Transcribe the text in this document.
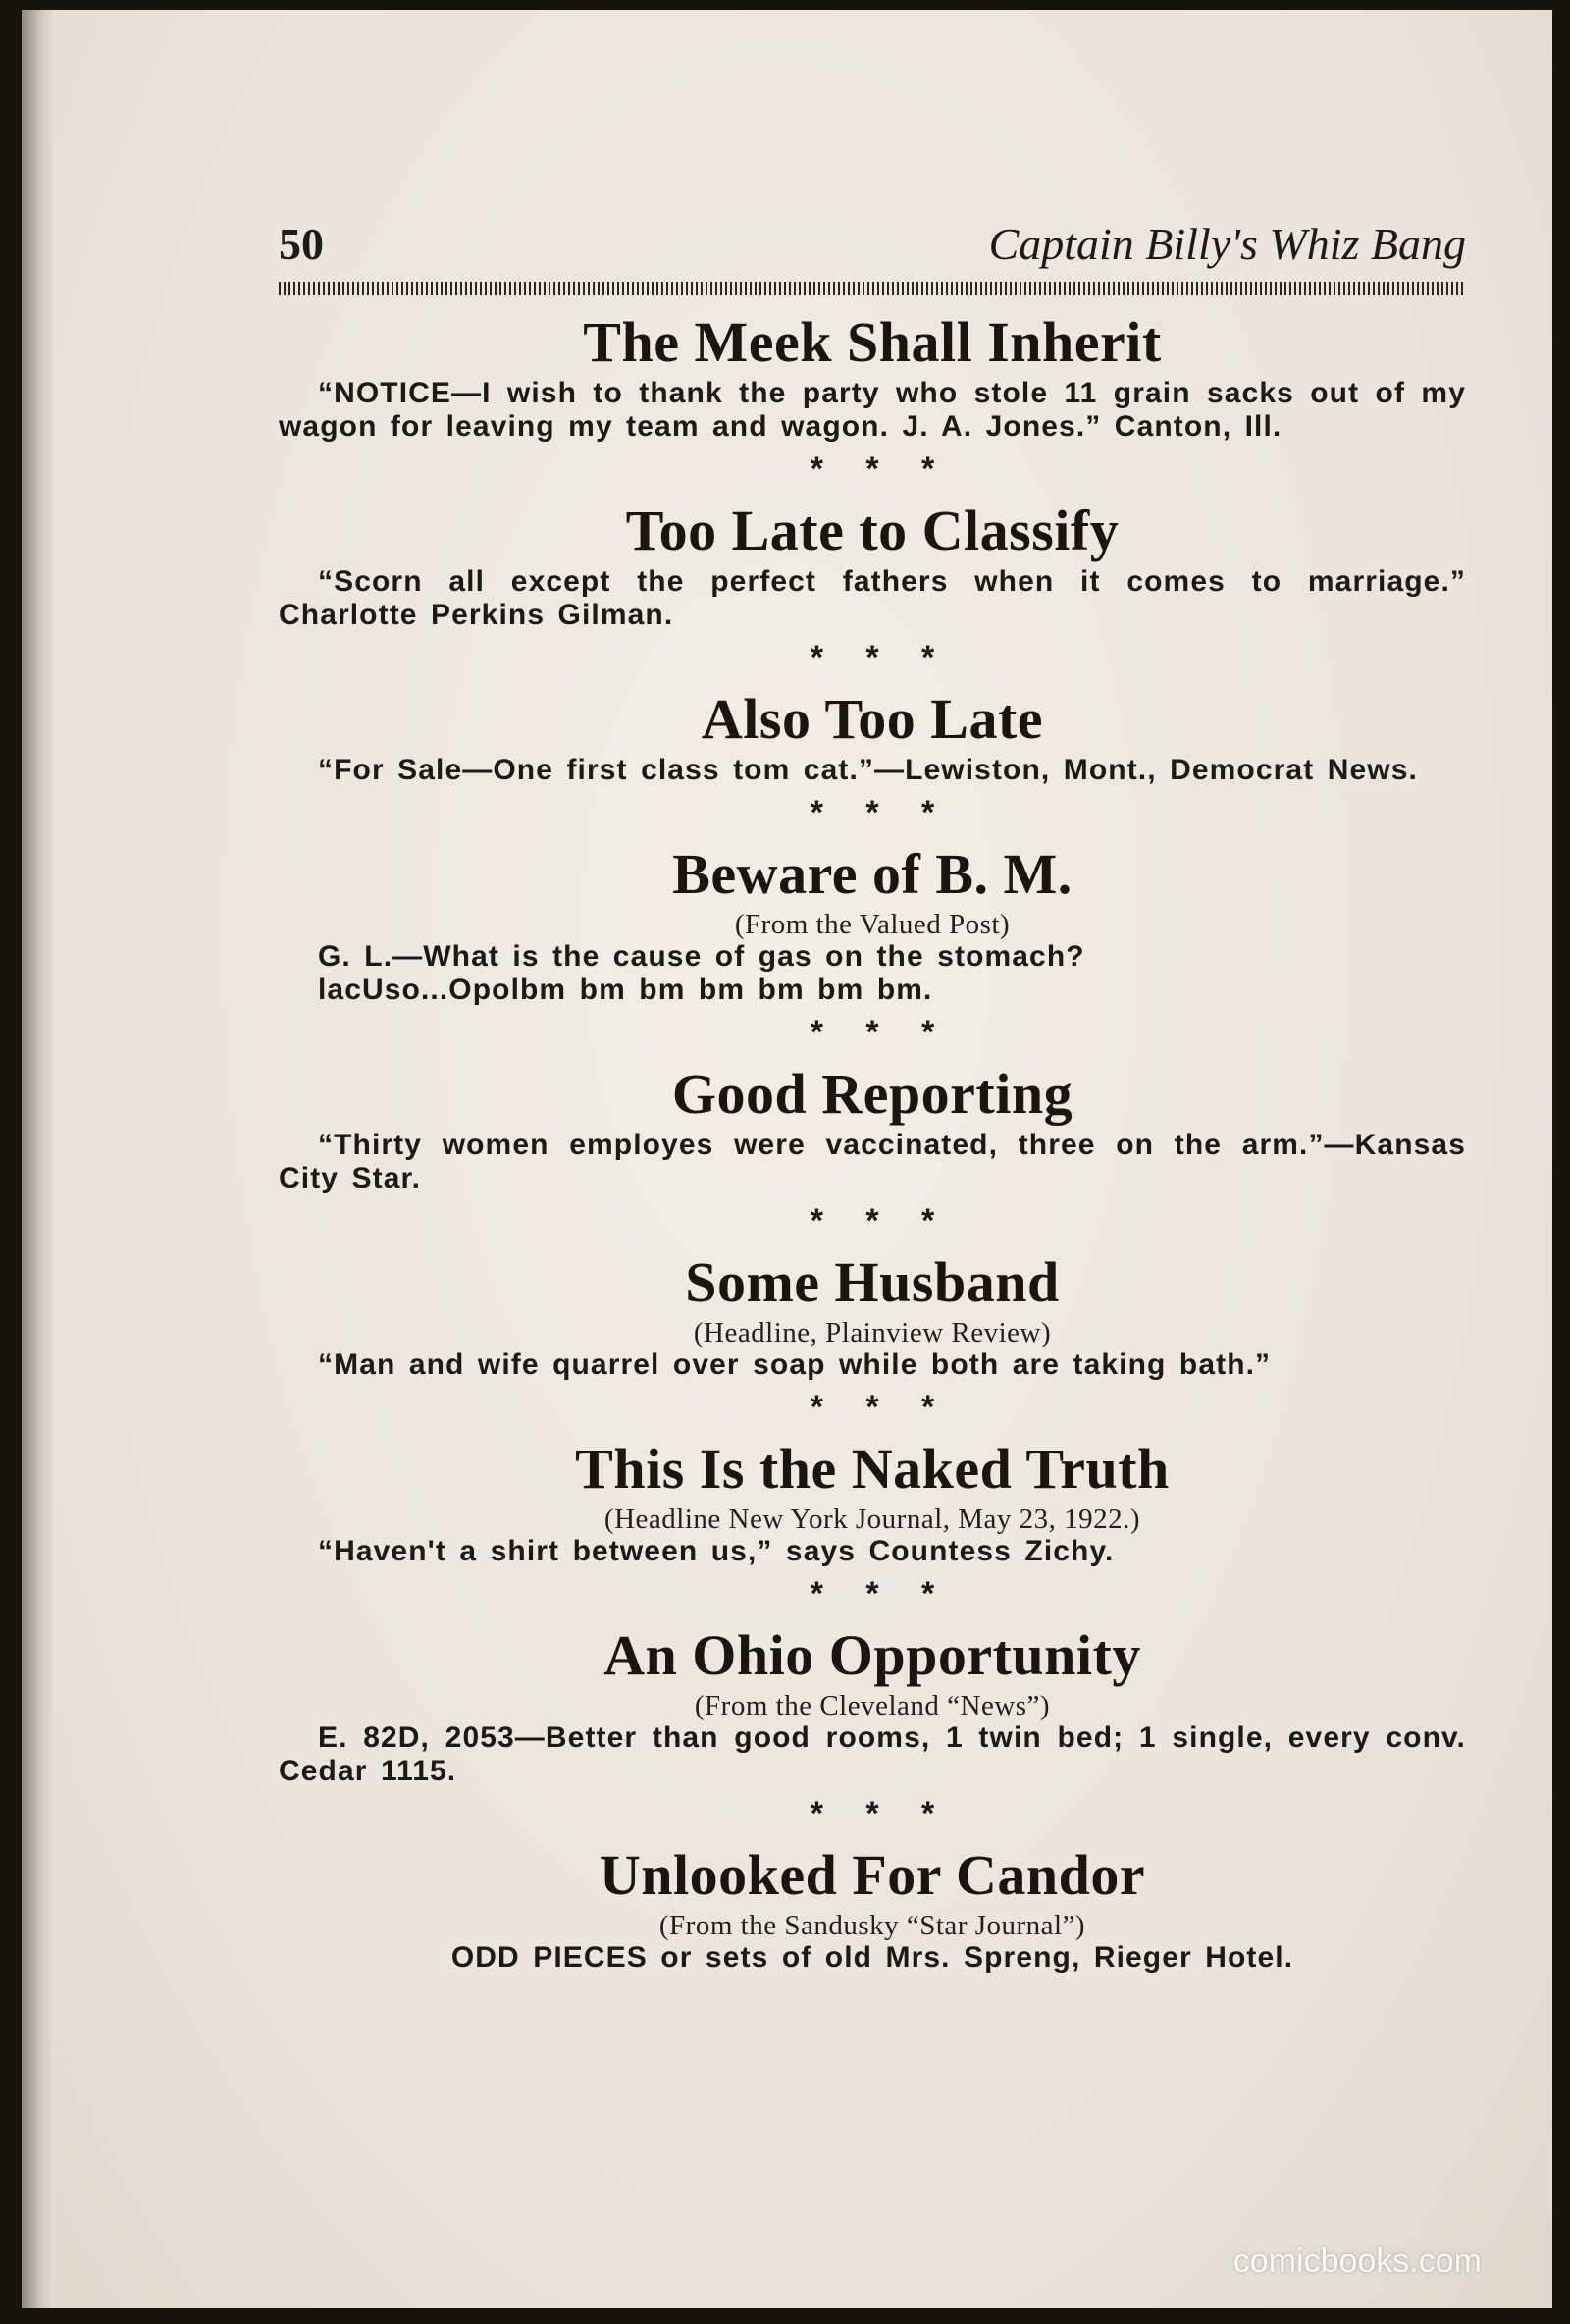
50	Captain Billy's Whiz Bang
The Meek Shall Inherit

“NOTICE—I wish to thank the party who stole 11 grain sacks out of my wagon for leaving my team and wagon. J. A. Jones.” Canton, Ill.

* * *
Too Late to Classify

“Scorn all except the perfect fathers when it comes to marriage.” Charlotte Perkins Gilman.

* * *
Also Too Late

“For Sale—One first class tom cat.”—Lewiston, Mont., Democrat News.

* * *
Beware of B. M.
(From the Valued Post)

G. L.—What is the cause of gas on the stomach?

lacUso...Opolbm bm bm bm bm bm bm.

* * *
Good Reporting

“Thirty women employes were vaccinated, three on the arm.”—Kansas City Star.

* * *
Some Husband
(Headline, Plainview Review)

“Man and wife quarrel over soap while both are taking bath.”

* * *
This Is the Naked Truth
(Headline New York Journal, May 23, 1922.)

“Haven't a shirt between us,” says Countess Zichy.

* * *
An Ohio Opportunity
(From the Cleveland “News”)

E. 82D, 2053—Better than good rooms, 1 twin bed; 1 single, every conv. Cedar 1115.

* * *
Unlooked For Candor
(From the Sandusky “Star Journal”)

ODD PIECES or sets of old Mrs. Spreng, Rieger Hotel.

comicbooks.com
